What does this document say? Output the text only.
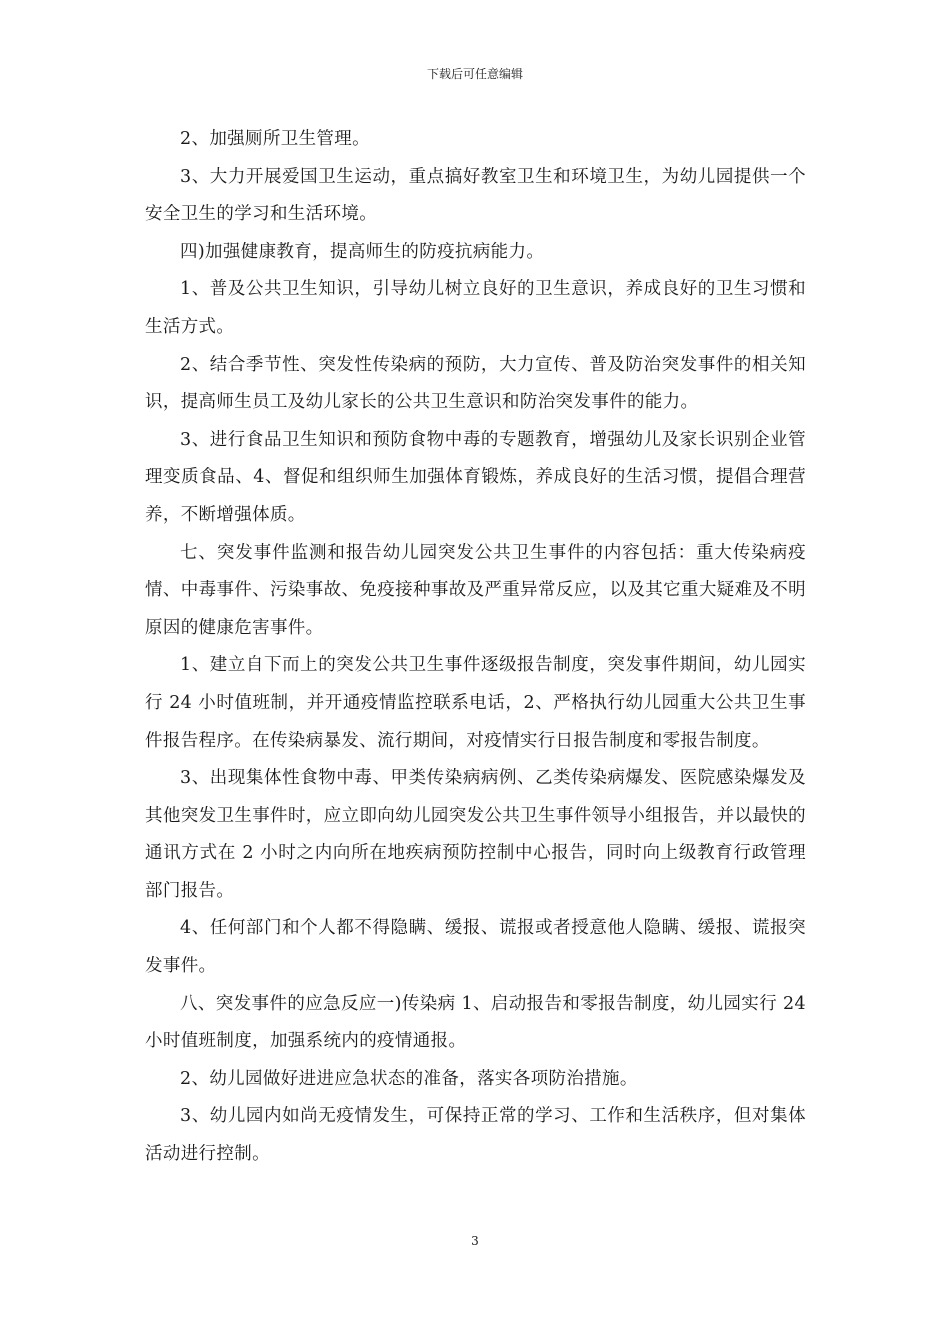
下载后可任意编辑

2、加强厕所卫生管理。

3、大力开展爱国卫生运动，重点搞好教室卫生和环境卫生，为幼儿园提供一个安全卫生的学习和生活环境。

四)加强健康教育，提高师生的防疫抗病能力。

1、普及公共卫生知识，引导幼儿树立良好的卫生意识，养成良好的卫生习惯和生活方式。

2、结合季节性、突发性传染病的预防，大力宣传、普及防治突发事件的相关知识，提高师生员工及幼儿家长的公共卫生意识和防治突发事件的能力。

3、进行食品卫生知识和预防食物中毒的专题教育，增强幼儿及家长识别企业管理变质食品、4、督促和组织师生加强体育锻炼，养成良好的生活习惯，提倡合理营养，不断增强体质。

七、突发事件监测和报告幼儿园突发公共卫生事件的内容包括：重大传染病疫情、中毒事件、污染事故、免疫接种事故及严重异常反应，以及其它重大疑难及不明原因的健康危害事件。

1、建立自下而上的突发公共卫生事件逐级报告制度，突发事件期间，幼儿园实行 24 小时值班制，并开通疫情监控联系电话，2、严格执行幼儿园重大公共卫生事件报告程序。在传染病暴发、流行期间，对疫情实行日报告制度和零报告制度。

3、出现集体性食物中毒、甲类传染病病例、乙类传染病爆发、医院感染爆发及其他突发卫生事件时，应立即向幼儿园突发公共卫生事件领导小组报告，并以最快的通讯方式在 2 小时之内向所在地疾病预防控制中心报告，同时向上级教育行政管理部门报告。

4、任何部门和个人都不得隐瞒、缓报、谎报或者授意他人隐瞒、缓报、谎报突发事件。

八、突发事件的应急反应一)传染病 1、启动报告和零报告制度，幼儿园实行 24 小时值班制度，加强系统内的疫情通报。

2、幼儿园做好进进应急状态的准备，落实各项防治措施。

3、幼儿园内如尚无疫情发生，可保持正常的学习、工作和生活秩序，但对集体活动进行控制。

3
